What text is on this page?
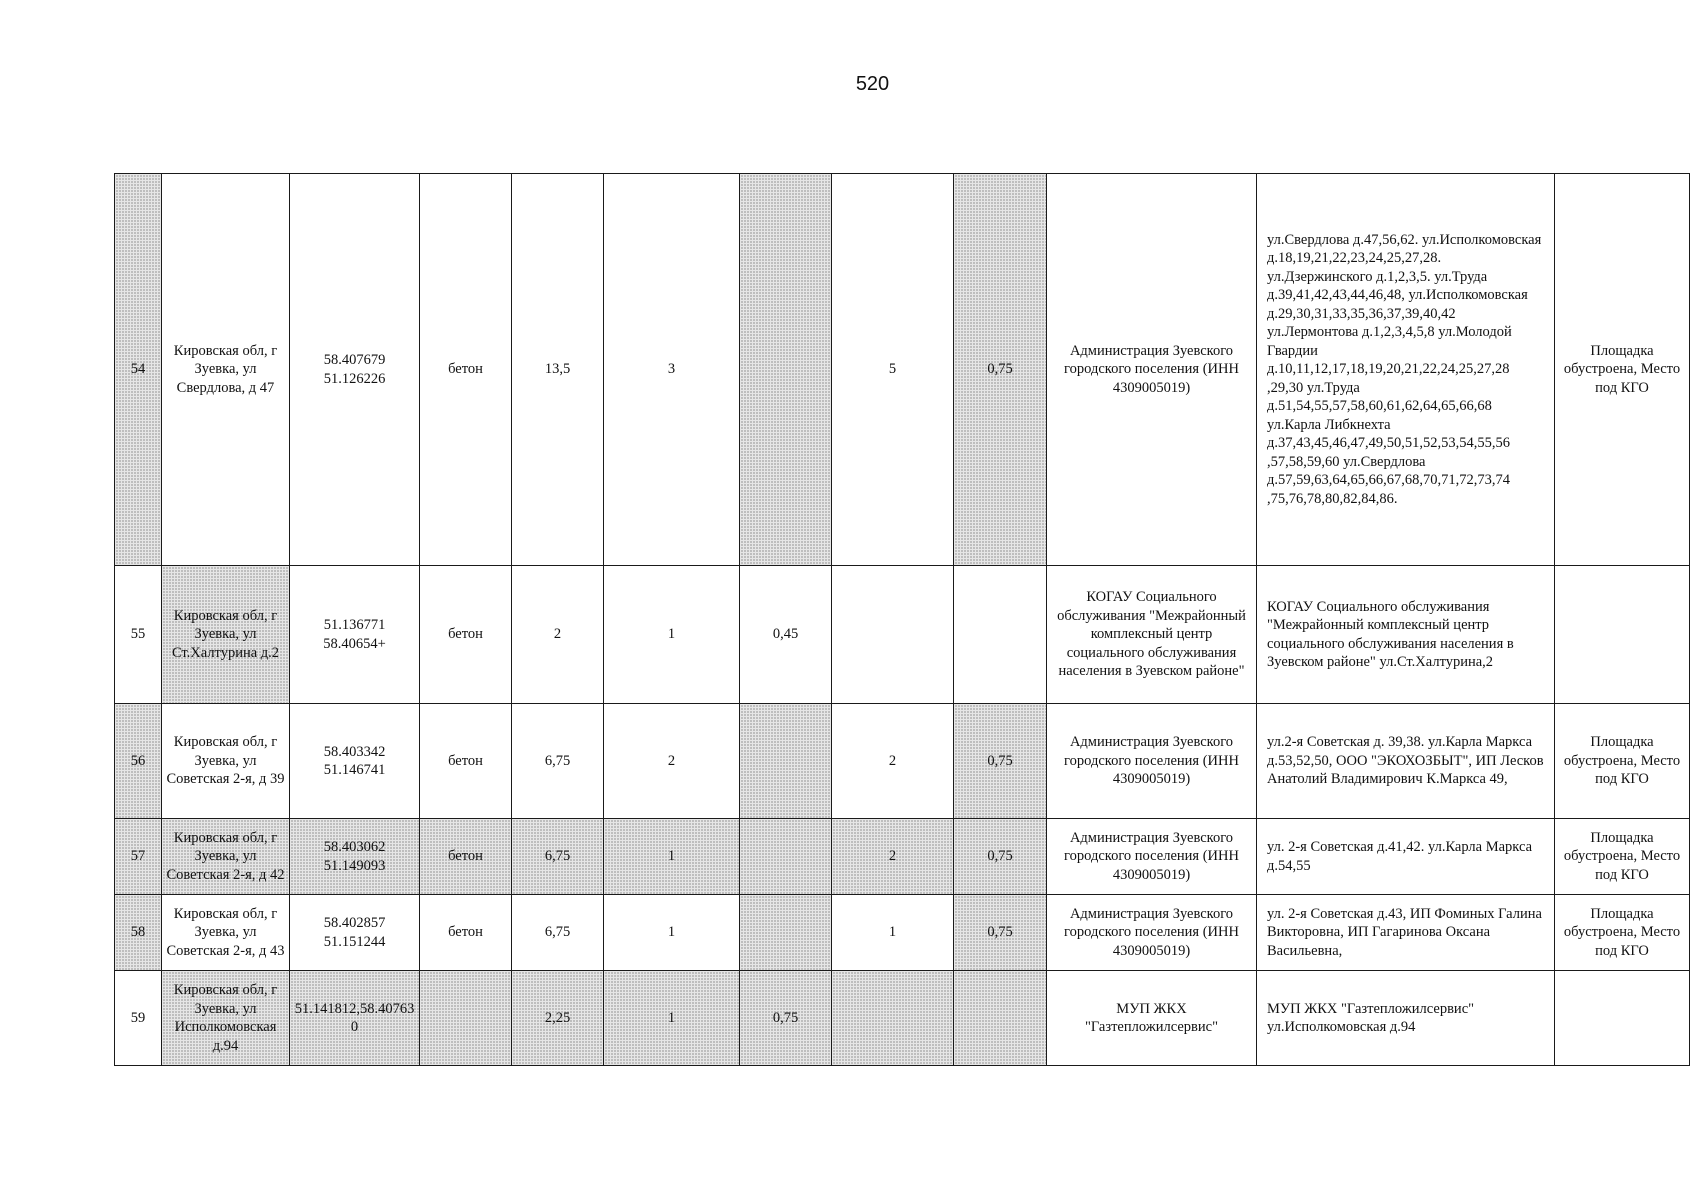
520
54	Кировская обл, г Зуевка, ул Свердлова, д 47	58.407679 51.126226	бетон	13,5	3		5	0,75	Администрация Зуевского городского поселения (ИНН 4309005019)	ул.Свердлова д.47,56,62. ул.Исполкомовская д.18,19,21,22,23,24,25,27,28. ул.Дзержинского д.1,2,3,5. ул.Труда д.39,41,42,43,44,46,48, ул.Исполкомовская д.29,30,31,33,35,36,37,39,40,42 ул.Лермонтова д.1,2,3,4,5,8 ул.Молодой Гвардии д.10,11,12,17,18,19,20,21,22,24,25,27,28 ,29,30 ул.Труда д.51,54,55,57,58,60,61,62,64,65,66,68 ул.Карла Либкнехта д.37,43,45,46,47,49,50,51,52,53,54,55,56 ,57,58,59,60 ул.Свердлова д.57,59,63,64,65,66,67,68,70,71,72,73,74 ,75,76,78,80,82,84,86.	Площадка обустроена, Место под КГО
55	Кировская обл, г Зуевка, ул Ст.Халтурина д.2	51.136771 58.40654+	бетон	2	1	0,45			КОГАУ Социального обслуживания "Межрайонный комплексный центр социального обслуживания населения в Зуевском районе"	КОГАУ Социального обслуживания "Межрайонный комплексный центр социального обслуживания населения в Зуевском районе" ул.Ст.Халтурина,2	
56	Кировская обл, г Зуевка, ул Советская 2-я, д 39	58.403342 51.146741	бетон	6,75	2		2	0,75	Администрация Зуевского городского поселения (ИНН 4309005019)	ул.2-я Советская д. 39,38. ул.Карла Маркса д.53,52,50, ООО "ЭКОХОЗБЫТ", ИП Лесков Анатолий Владимирович К.Маркса 49,	Площадка обустроена, Место под КГО
57	Кировская обл, г Зуевка, ул Советская 2-я, д 42	58.403062 51.149093	бетон	6,75	1		2	0,75	Администрация Зуевского городского поселения (ИНН 4309005019)	ул. 2-я Советская д.41,42. ул.Карла Маркса д.54,55	Площадка обустроена, Место под КГО
58	Кировская обл, г Зуевка, ул Советская 2-я, д 43	58.402857 51.151244	бетон	6,75	1		1	0,75	Администрация Зуевского городского поселения (ИНН 4309005019)	ул. 2-я Советская д.43, ИП Фоминых Галина Викторовна, ИП Гагаринова Оксана Васильевна,	Площадка обустроена, Место под КГО
59	Кировская обл, г Зуевка, ул Исполкомовская д.94	51.141812,58.407630		2,25	1	0,75			МУП ЖКХ "Газтепложилсервис"	МУП ЖКХ "Газтепложилсервис" ул.Исполкомовская д.94	
